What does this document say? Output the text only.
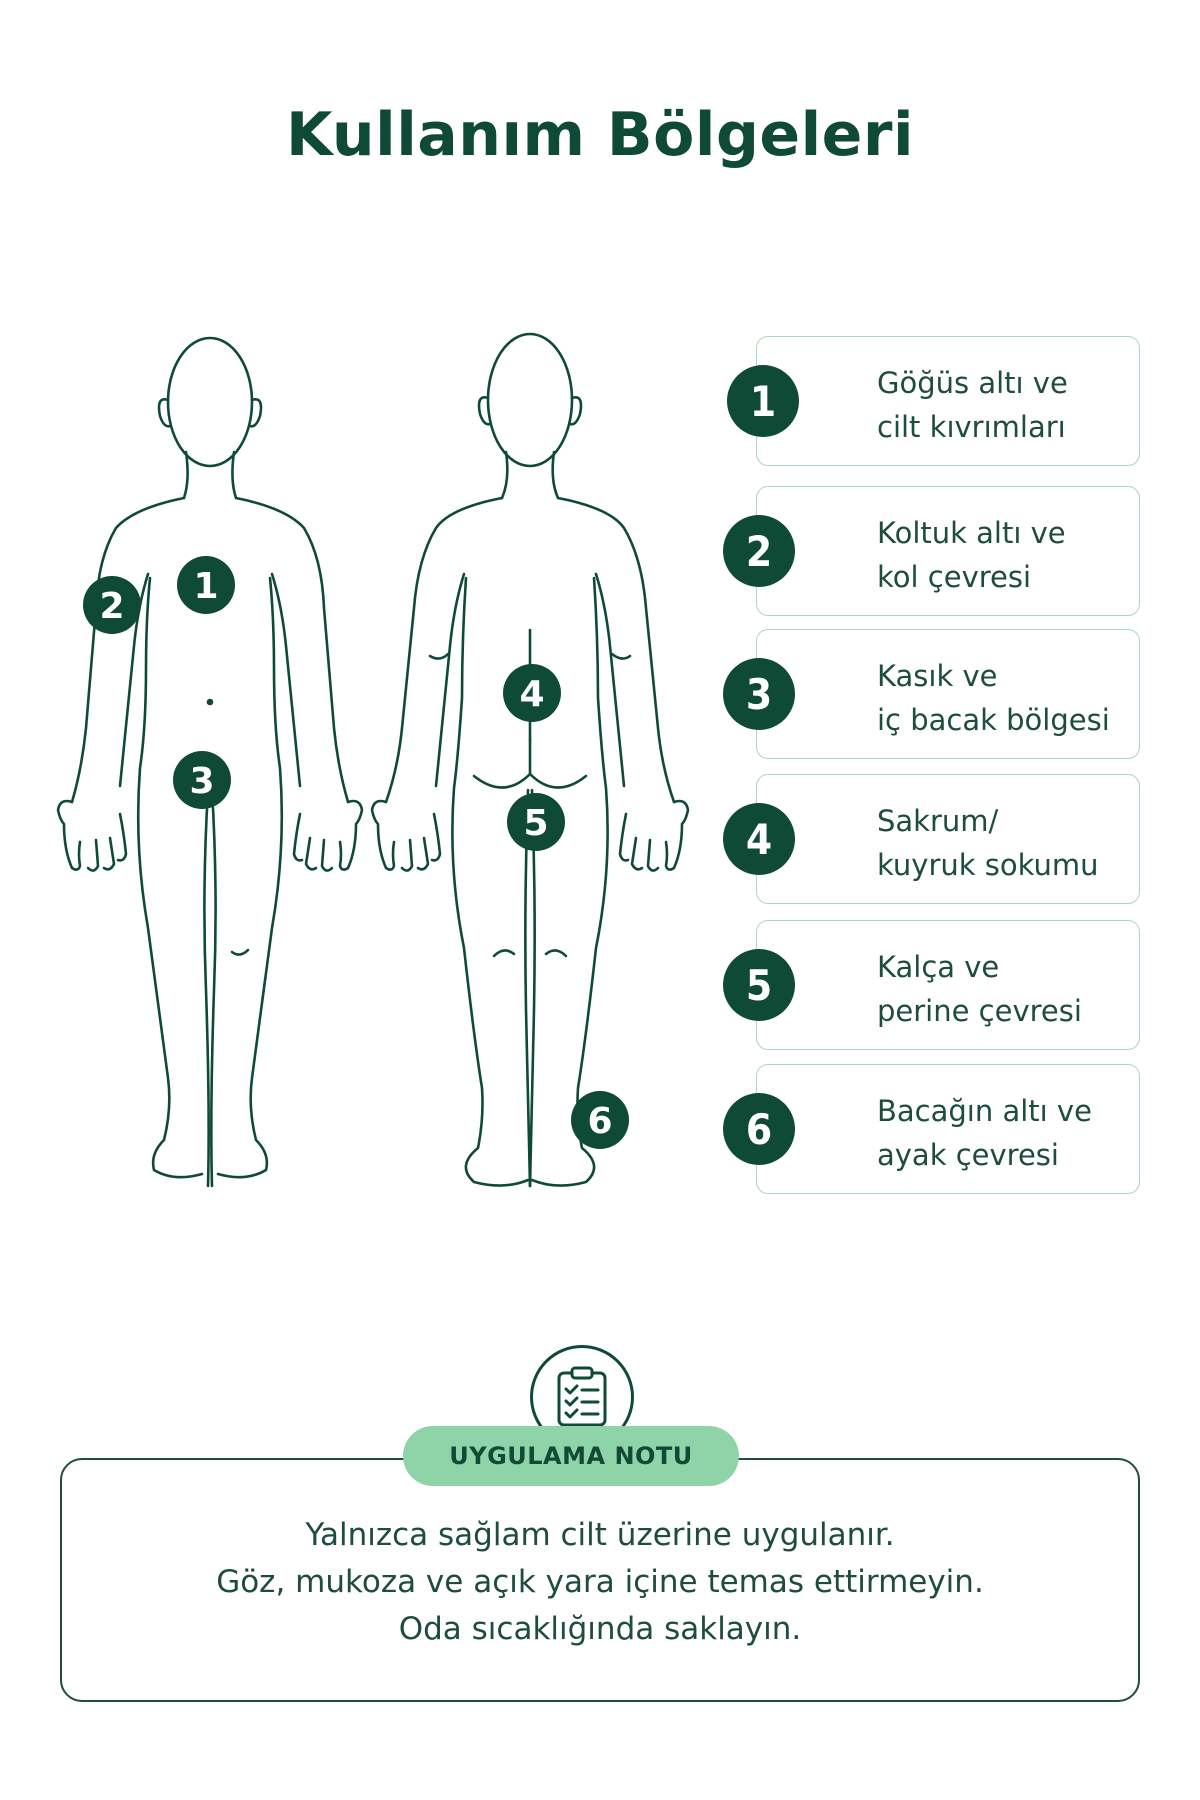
Kullanım Bölgeleri
1
2
3
4
5
6
1	Göğüs altı ve
cilt kıvrımları
2	Koltuk altı ve
kol çevresi
3	Kasık ve
iç bacak bölgesi
4	Sakrum/
kuyruk sokumu
5	Kalça ve
perine çevresi
6	Bacağın altı ve
ayak çevresi
UYGULAMA NOTU
Yalnızca sağlam cilt üzerine uygulanır.
Göz, mukoza ve açık yara içine temas ettirmeyin.
Oda sıcaklığında saklayın.
